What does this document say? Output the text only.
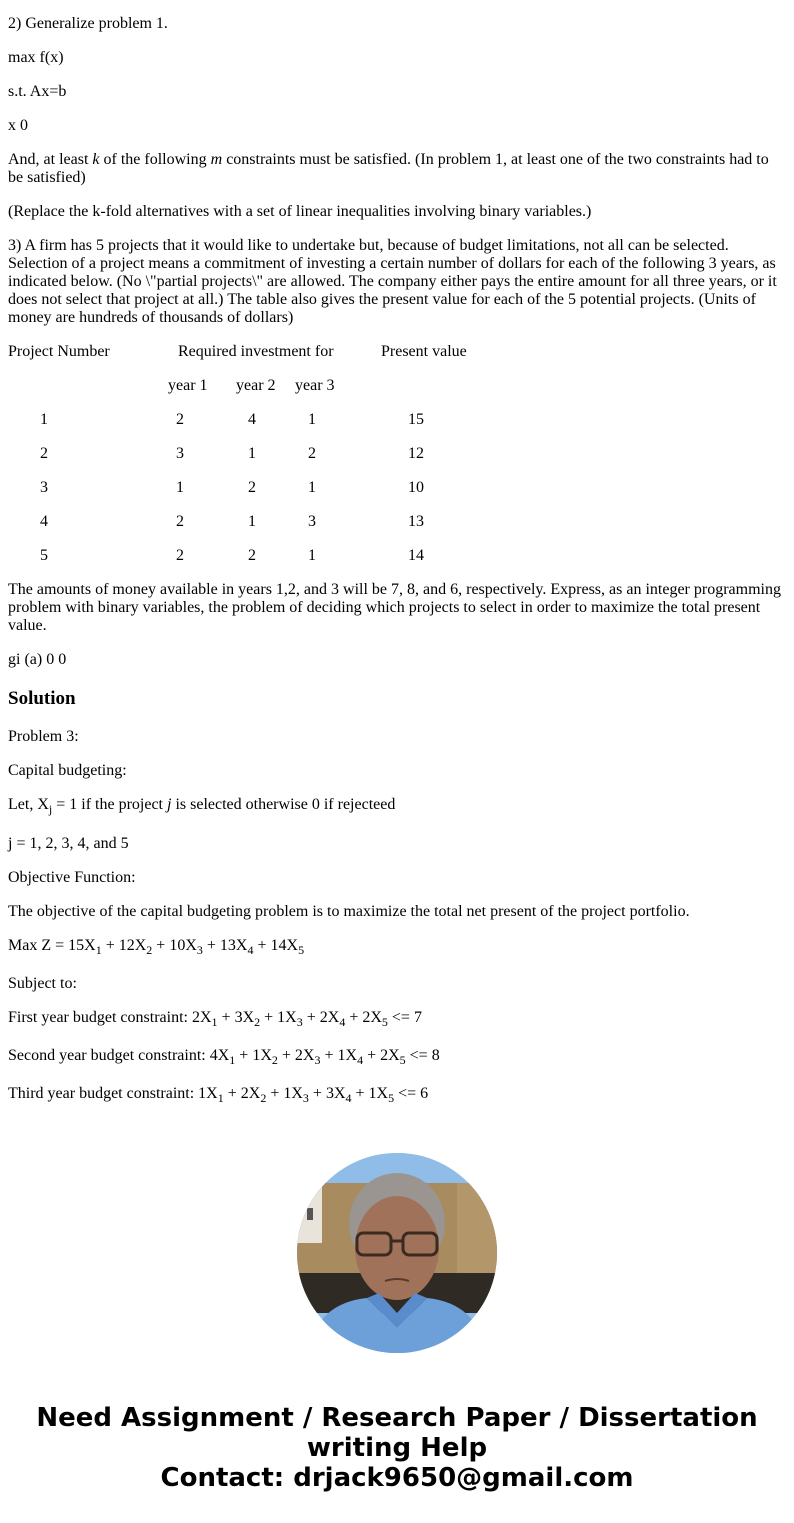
2) Generalize problem 1.

max f(x)

s.t. Ax=b

x 0

And, at least k of the following m constraints must be satisfied. (In problem 1, at least one of the two constraints had to be satisfied)

(Replace the k-fold alternatives with a set of linear inequalities involving binary variables.)

3) A firm has 5 projects that it would like to undertake but, because of budget limitations, not all can be selected. Selection of a project means a commitment of investing a certain number of dollars for each of the following 3 years, as indicated below. (No \"partial projects\" are allowed. The company either pays the entire amount for all three years, or it does not select that project at all.) The table also gives the present value for each of the 5 potential projects. (Units of money are hundreds of thousands of dollars)

Project Number	Required investment for	Present value
year 1 year 2 year 3
1	2	4	1	15
2	3	1	2	12
3	1	2	1	10
4	2	1	3	13
5	2	2	1	14

The amounts of money available in years 1,2, and 3 will be 7, 8, and 6, respectively. Express, as an integer programming problem with binary variables, the problem of deciding which projects to select in order to maximize the total present value.

gi (a) 0 0

Solution

Problem 3:

Capital budgeting:

Let, $X_j = 1$ if the project j is selected otherwise 0 if rejecteed

j = 1, 2, 3, 4, and 5

Objective Function:

The objective of the capital budgeting problem is to maximize the total net present of the project portfolio.

Max $Z = 15X_1 + 12X_2 + 10X_3 + 13X_4 + 14X_5$

Subject to:

First year budget constraint: $2X_1 + 3X_2 + 1X_3 + 2X_4 + 2X_5 <= 7$

Second year budget constraint: $4X_1 + 1X_2 + 2X_3 + 1X_4 + 2X_5 <= 8$

Third year budget constraint: $1X_1 + 2X_2 + 1X_3 + 3X_4 + 1X_5 <= 6$

Need Assignment / Research Paper / Dissertation
writing Help
Contact: drjack9650@gmail.com
